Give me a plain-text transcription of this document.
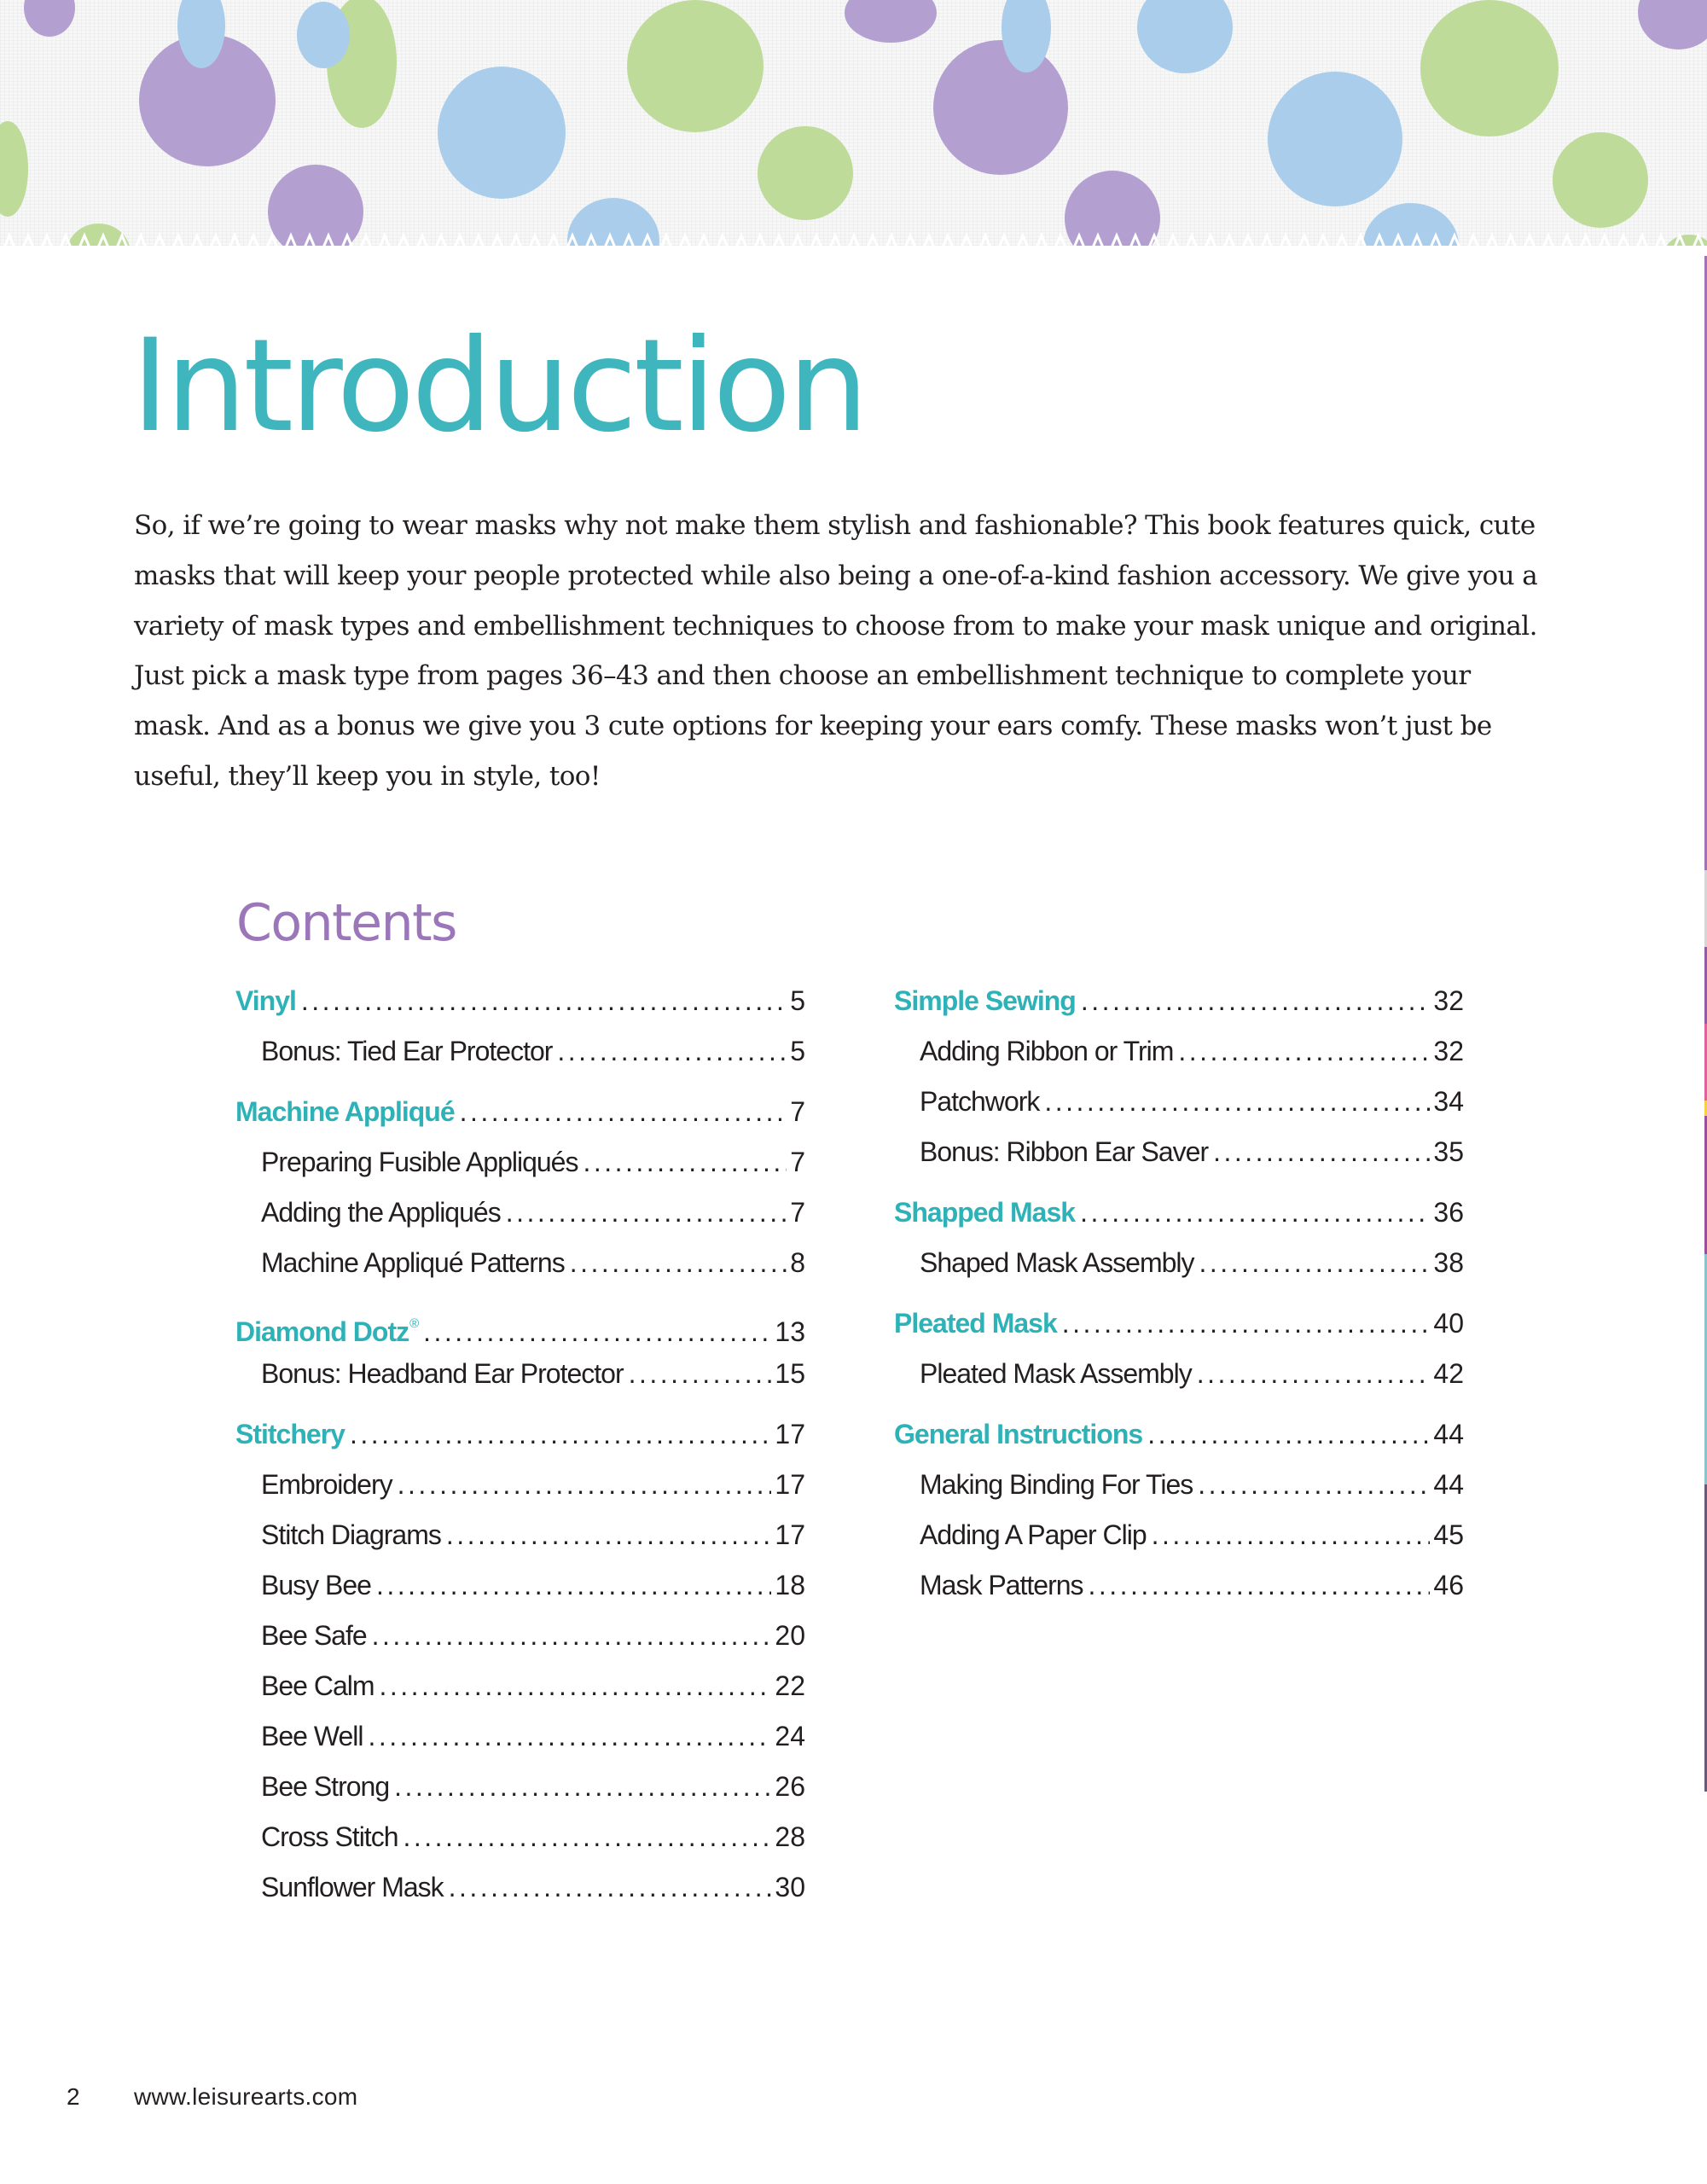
Introduction

So, if we’re going to wear masks why not make them stylish and fashionable? This book features quick, cute masks that will keep your people protected while also being a one-of-a-kind fashion accessory. We give you a variety of mask types and embellishment techniques to choose from to make your mask unique and original. Just pick a mask type from pages 36–43 and then choose an embellishment technique to complete your mask. And as a bonus we give you 3 cute options for keeping your ears comfy. These masks won’t just be useful, they’ll keep you in style, too!

Contents
Vinyl . . .	5
Bonus: Tied Ear Protector . . .	5
Machine Appliqué . . .	7
Preparing Fusible Appliqués . . .	7
Adding the Appliqués . . .	7
Machine Appliqué Patterns . . .	8
Diamond Dotz® . . .	13
Bonus: Headband Ear Protector . . .	15
Stitchery . . .	17
Embroidery . . .	17
Stitch Diagrams . . .	17
Busy Bee . . .	18
Bee Safe . . .	20
Bee Calm . . .	22
Bee Well . . .	24
Bee Strong . . .	26
Cross Stitch . . .	28
Sunflower Mask . . .	30
Simple Sewing . . .	32
Adding Ribbon or Trim . . .	32
Patchwork . . .	34
Bonus: Ribbon Ear Saver . . .	35
Shapped Mask . . .	36
Shaped Mask Assembly . . .	38
Pleated Mask . . .	40
Pleated Mask Assembly . . .	42
General Instructions . . .	44
Making Binding For Ties . . .	44
Adding A Paper Clip . . .	45
Mask Patterns . . .	46
2 www.leisurearts.com
